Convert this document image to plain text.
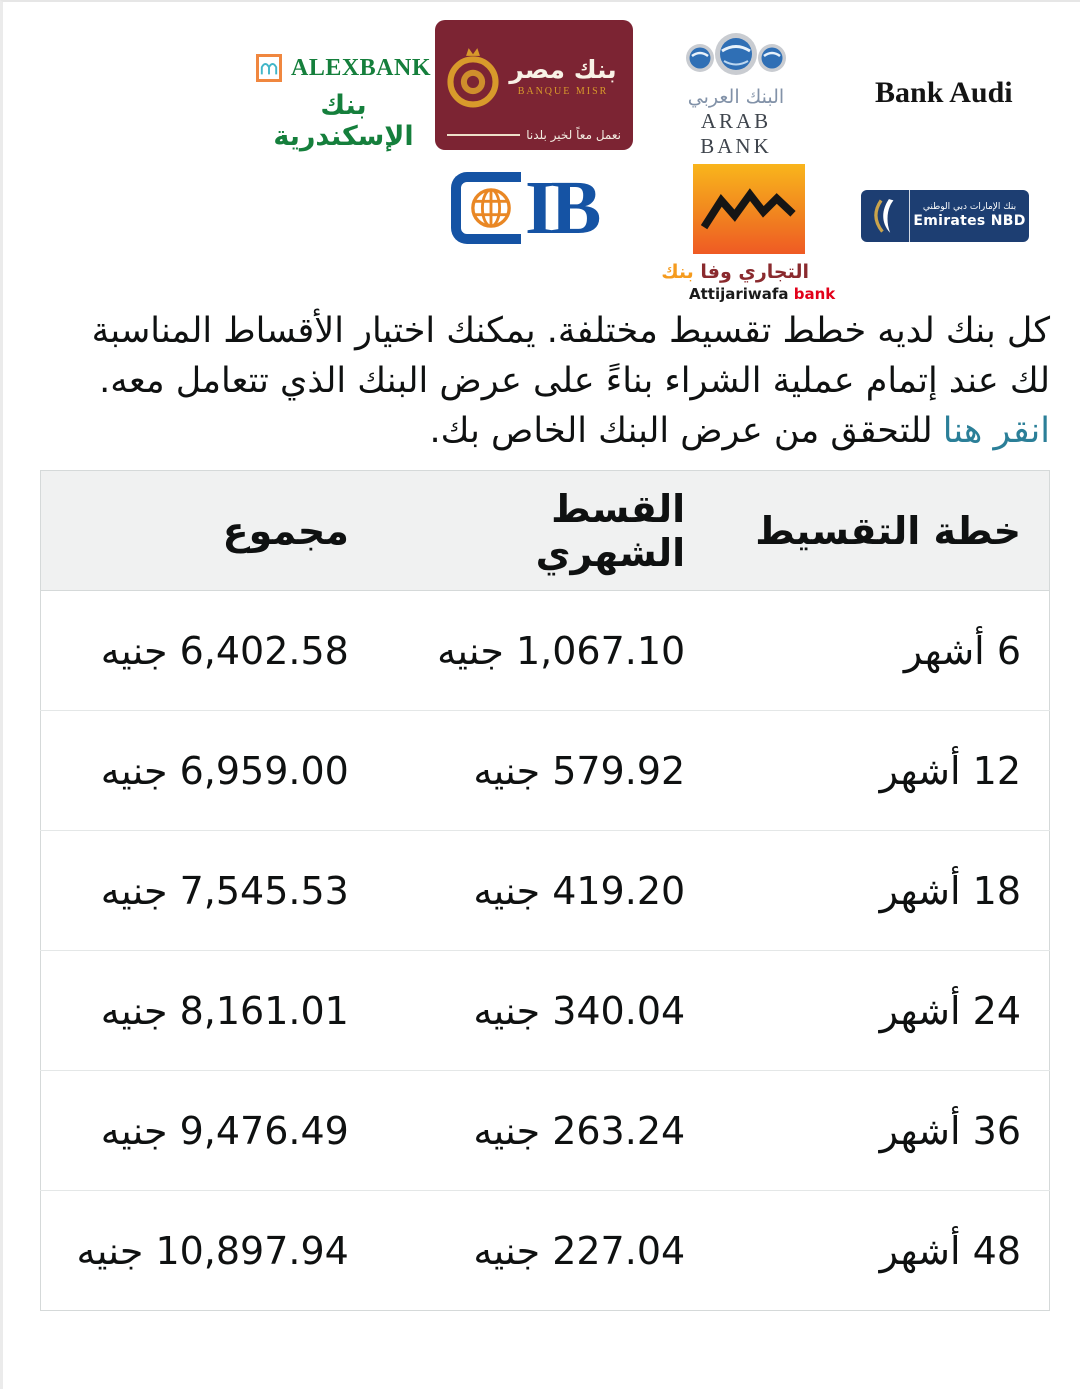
ALEXBANK
بنك الإسكندرية
بنك مصر
BANQUE MISR
نعمل معاً لخير بلدنا
البنك العربي
ARAB BANK
Bank Audi
IB
التجاري وفا بنك
Attijariwafa bank
بنك الإمارات دبي الوطني
Emirates NBD
كل بنك لديه خطط تقسيط مختلفة. يمكنك اختيار الأقساط المناسبة
لك عند إتمام عملية الشراء بناءً على عرض البنك الذي تتعامل معه.
انقر هناللتحقق من عرض البنك الخاص بك.
خطة التقسيط	القسط الشهري	مجموع
6 أشهر	1,067.10 جنيه	6,402.58 جنيه
12 أشهر	579.92 جنيه	6,959.00 جنيه
18 أشهر	419.20 جنيه	7,545.53 جنيه
24 أشهر	340.04 جنيه	8,161.01 جنيه
36 أشهر	263.24 جنيه	9,476.49 جنيه
48 أشهر	227.04 جنيه	10,897.94 جنيه
